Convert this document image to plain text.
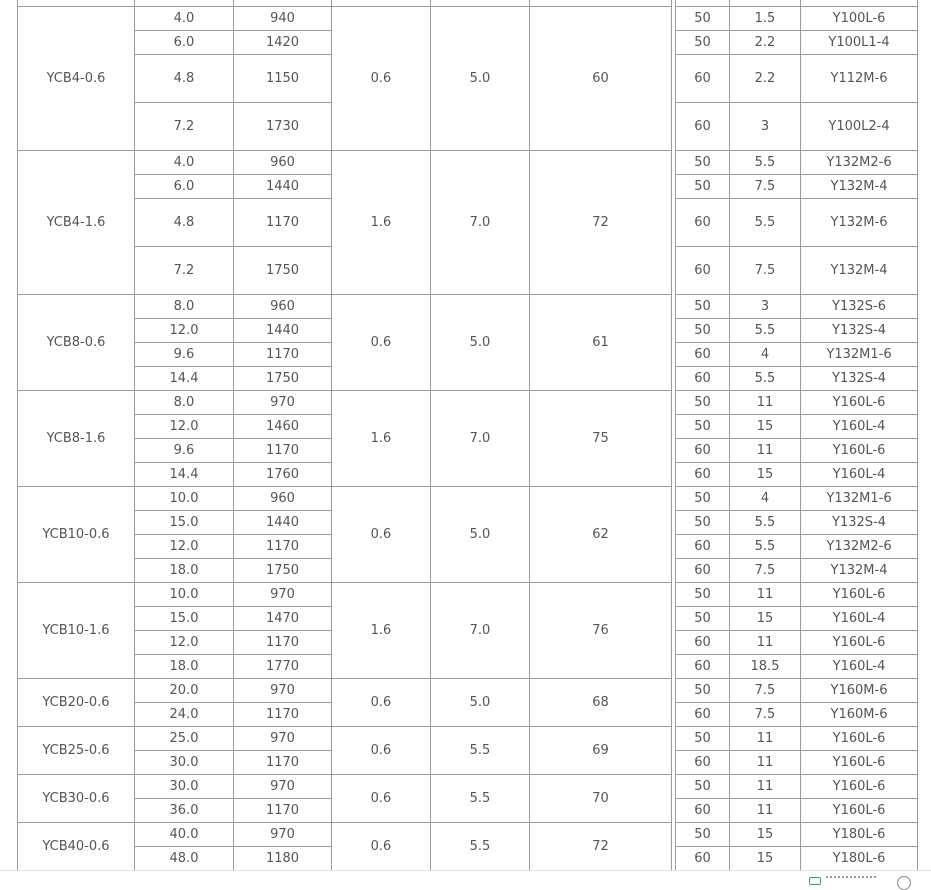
YCB4-0.6	4.0	940	0.6	5.0	60		50	1.5	Y100L-6
	6.0	1420					50	2.2	Y100L1-4
	4.8	1150					60	2.2	Y112M-6
	7.2	1730					60	3	Y100L2-4
YCB4-1.6	4.0	960	1.6	7.0	72		50	5.5	Y132M2-6
	6.0	1440					50	7.5	Y132M-4
	4.8	1170					60	5.5	Y132M-6
	7.2	1750					60	7.5	Y132M-4
YCB8-0.6	8.0	960	0.6	5.0	61		50	3	Y132S-6
	12.0	1440					50	5.5	Y132S-4
	9.6	1170					60	4	Y132M1-6
	14.4	1750					60	5.5	Y132S-4
YCB8-1.6	8.0	970	1.6	7.0	75		50	11	Y160L-6
	12.0	1460					50	15	Y160L-4
	9.6	1170					60	11	Y160L-6
	14.4	1760					60	15	Y160L-4
YCB10-0.6	10.0	960	0.6	5.0	62		50	4	Y132M1-6
	15.0	1440					50	5.5	Y132S-4
	12.0	1170					60	5.5	Y132M2-6
	18.0	1750					60	7.5	Y132M-4
YCB10-1.6	10.0	970	1.6	7.0	76		50	11	Y160L-6
	15.0	1470					50	15	Y160L-4
	12.0	1170					60	11	Y160L-6
	18.0	1770					60	18.5	Y160L-4
YCB20-0.6	20.0	970	0.6	5.0	68		50	7.5	Y160M-6
	24.0	1170					60	7.5	Y160M-6
YCB25-0.6	25.0	970	0.6	5.5	69		50	11	Y160L-6
	30.0	1170					60	11	Y160L-6
YCB30-0.6	30.0	970	0.6	5.5	70		50	11	Y160L-6
	36.0	1170					60	11	Y160L-6
YCB40-0.6	40.0	970	0.6	5.5	72		50	15	Y180L-6
	48.0	1180					60	15	Y180L-6
